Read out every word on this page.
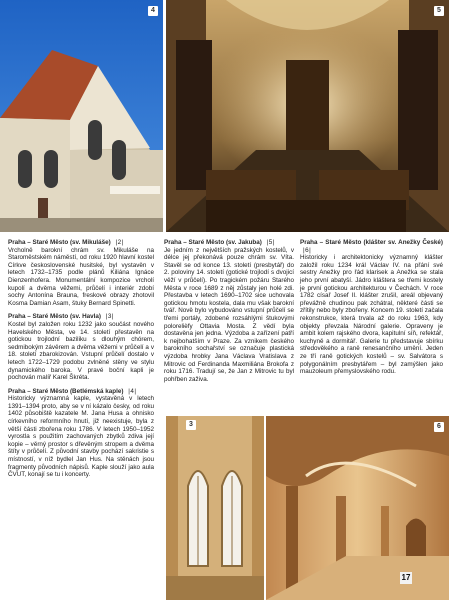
4	5

Praha – Staré Město (sv. Mikuláše) |2|
Vrcholně barokní chrám sv. Mikuláše na Staroměstském náměstí, od roku 1920 hlavní kostel Církve československé husitské, byl vystavěn v letech 1732–1735 podle plánů Kiliána Ignáce Dienzenhofera. Monumentální kompozice vrcholí kupolí a dvěma věžemi, průčelí i interiér zdobí sochy Antonína Brauna, freskové obrazy zhotovil Kosma Damian Asam, štuky Bernard Spinetti.

Praha – Staré Město (sv. Havla) |3|
Kostel byl založen roku 1232 jako součást nového Havelského Města, ve 14. století přestavěn na gotickou trojlodní baziliku s dlouhým chórem, sedmibokým závěrem a dvěma věžemi v průčelí a v 18. století zbarokizován. Vstupní průčelí dostalo v letech 1722–1729 podobu zvlněné stěny ve stylu dynamického baroka. V pravé boční kapli je pochován malíř Karel Škréta.

Praha – Staré Město (Betlémská kaple) |4|
Historicky významná kaple, vystavěná v letech 1391–1394 proto, aby se v ní kázalo česky, od roku 1402 působiště kazatele M. Jana Husa a ohnisko církevního reformního hnutí, již neexistuje, byla z větší části zbořena roku 1786. V letech 1950–1952 vyrostla s použitím zachovaných zbytků zdiva její kopie – věrný prostor s dřevěným stropem a dvěma štíty v průčelí. Z původní stavby pochází sakristie s místností, v níž bydlel Jan Hus. Na stěnách jsou fragmenty původních nápisů. Kaple slouží jako aula ČVUT, konají se tu i koncerty.

Praha – Staré Město (sv. Jakuba) |5|
Je jedním z největších pražských kostelů, v délce jej překonává pouze chrám sv. Víta. Stavěl se od konce 13. století (presbytář) do 2. poloviny 14. století (gotické trojlodí s dvojicí věží v průčelí). Po tragickém požáru Starého Města v roce 1689 z něj zůstaly jen holé zdi. Přestavba v letech 1690–1702 sice uchovala gotickou hmotu kostela, dala mu však barokní tvář. Nově bylo vybudováno vstupní průčelí se třemi portály, zdobené rozsáhlými štukovými polorelièfy Ottavia Mosta. Z vědí byla dostavěna jen jedna. Výzdoba a zařízení patří k nejbohatším v Praze. Za vznikem českého barokního sochařství se označuje plastická výzdoba hrobky Jana Václava Vratislava z Mitrovic od Ferdinanda Maxmiliána Brokofa z roku 1716. Tradují se, že Jan z Mitrovic tu byl pohřben zaživa.

Praha – Staré Město (klášter sv. Anežky České) |6|
Historicky i architektonicky významný klášter založil roku 1234 král Václav IV. na přání své sestry Anežky pro řád klarisek a Anežka se stala jeho první abatyší. Jádro kláštera se třemi kostely je první gotickou architekturou v Čechách. V roce 1782 císař Josef II. klášter zrušil, areál objevaný převážně chudinou pak zchátral, některé části se zřítily nebo byly zbořeny. Koncem 19. století začala rekonstrukce, která trvala až do roku 1963, kdy objekty převzala Národní galerie. Opraveny je ambit kolem rajského dvora, kapitulní síň, refektář, kuchyně a dormitář. Galerie tu představuje sbírku středověkého a raně renesančního umění. Jeden ze tří raně gotických kostelů – sv. Salvátora s polygonálním presbytářem – byl zamýšlen jako mauzoleum přemyslovského rodu.

3	6
17
